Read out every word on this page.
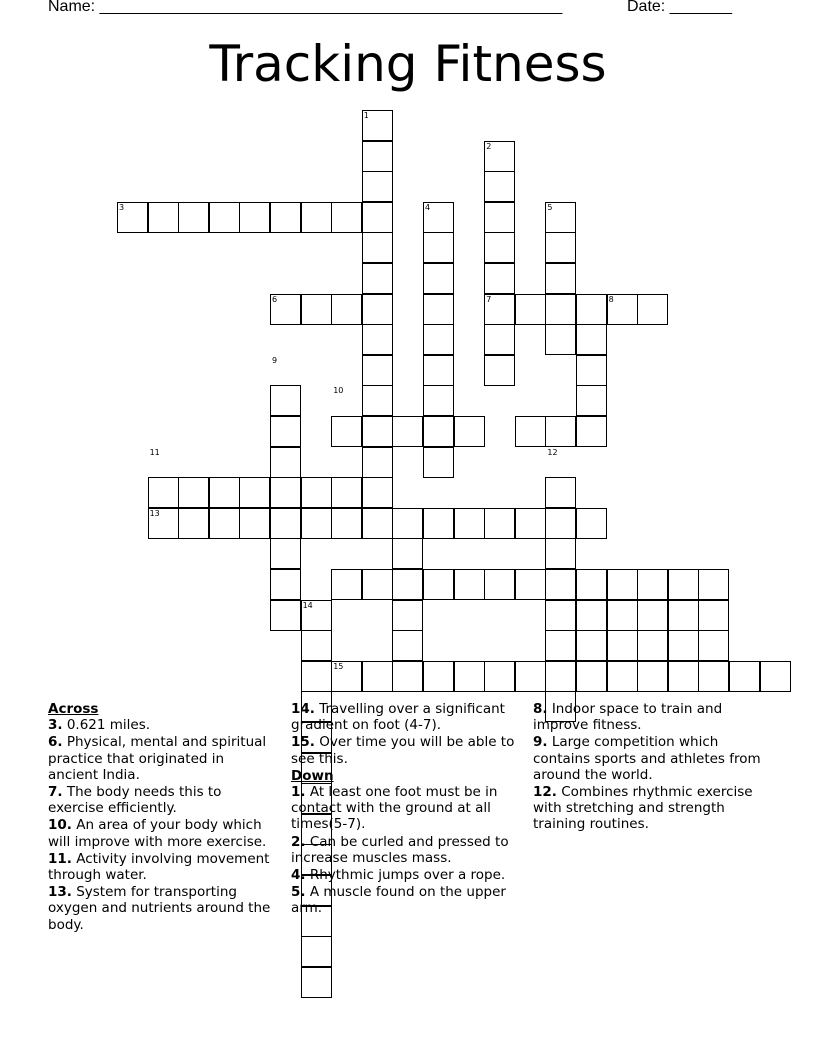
Name: ____________________________________________________	Date: _______
Tracking Fitness
1
2
3	4	5
6	7	8
9
10
11	12
13
14
15
Across
3. 0.621 miles.
6. Physical, mental and spiritual practice that originated in ancient India.
7. The body needs this to exercise efficiently.
10. An area of your body which will improve with more exercise.
11. Activity involving movement through water.
13. System for transporting oxygen and nutrients around the body.
14. Travelling over a significant gradient on foot (4-7).
15. Over time you will be able to see this.
Down
1. At least one foot must be in contact with the ground at all times(5-7).
2. Can be curled and pressed to increase muscles mass.
4. Rhythmic jumps over a rope.
5. A muscle found on the upper arm.
8. Indoor space to train and improve fitness.
9. Large competition which contains sports and athletes from around the world.
12. Combines rhythmic exercise with stretching and strength training routines.
